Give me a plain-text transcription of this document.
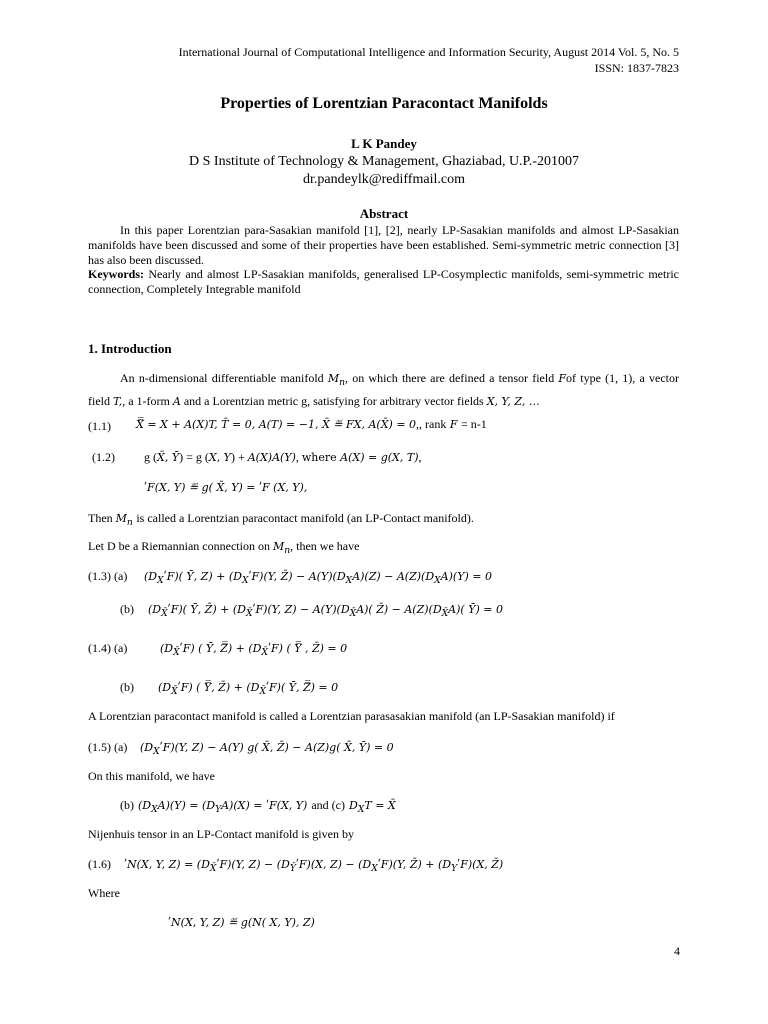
International Journal of Computational Intelligence and Information Security, August 2014 Vol. 5, No. 5
ISSN: 1837-7823
Properties of Lorentzian Paracontact Manifolds
L K Pandey
D S Institute of Technology & Management, Ghaziabad, U.P.-201007
dr.pandeylk@rediffmail.com
Abstract
In this paper Lorentzian para-Sasakian manifold [1], [2], nearly LP-Sasakian manifolds and almost LP-Sasakian manifolds have been discussed and some of their properties have been established. Semi-symmetric metric connection [3] has also been discussed.
Keywords: Nearly and almost LP-Sasakian manifolds, generalised LP-Cosymplectic manifolds, semi-symmetric metric connection, Completely Integrable manifold
1. Introduction
An n-dimensional differentiable manifold $M_n$, on which there are defined a tensor field Fof type (1, 1), a vector field T,, a 1-form A and a Lorentzian metric g, satisfying for arbitrary vector fields X, Y, Z, …
(1.1) X̿ = X + A(X)T, T̄ = 0, A(T) = −1, X̄ ≝ FX, A(X̄) = 0,, rank F = n-1
(1.2) g (X̄, Ȳ) = g (X, Y) + A(X)A(Y), where A(X) = g(X, T),
ʹF(X, Y) ≝ g( X̄, Y) = ʹF (X, Y),
Then $M_n$ is called a Lorentzian paracontact manifold (an LP-Contact manifold).
Let D be a Riemannian connection on $M_n$, then we have
(1.3) (a) $(D_XʹF)$( Ȳ, $Z) + (D_XʹF)(Y$, Z̄) − $A(Y)(D_XA)(Z) - A(Z)(D_XA)(Y) = 0$
(b) $(D_{X̄}ʹF)$( Ȳ, Z̄) + $(D_{X̄}ʹF)(Y$, $Z) - A(Y)(D_{X̄}A)$( Z̄) − $A(Z)(D_{X̄}A)$( Ȳ) = 0
(1.4) (a)	$(D_{X̄}ʹF)$ ( Ȳ, Z̿) + $(D_{X̄}ʹF)$ ( Y̿ , Z̄) = 0
(b) $(D_{X̄}ʹF)$ ( Y̿, Z̄) + $(D_{X̄}ʹF)$( Ȳ, Z̿) = 0
A Lorentzian paracontact manifold is called a Lorentzian parasasakian manifold (an LP-Sasakian manifold) if
(1.5) (a) $(D_XʹF)(Y$, Z) − A(Y) g( X̄, Z̄) − A(Z)g( X̄, Ȳ) = 0
On this manifold, we have
(b) $(D_XA)(Y) = (D_YA)(X)$ = ʹF(X, Y) and (c) $D_XT$ = X̄
Nijenhuis tensor in an LP-Contact manifold is given by
(1.6) ʹN(X, Y, $Z) = (D_{X̄}ʹF)(Y$, $Z) - (D_ȲʹF)(X$, $Z) - (D_XʹF)(Y$, Z̄) + $(D_YʹF)(X$, Z̄)
Where
ʹN(X, Y, Z) ≝ g(N( X, Y), Z)
4
